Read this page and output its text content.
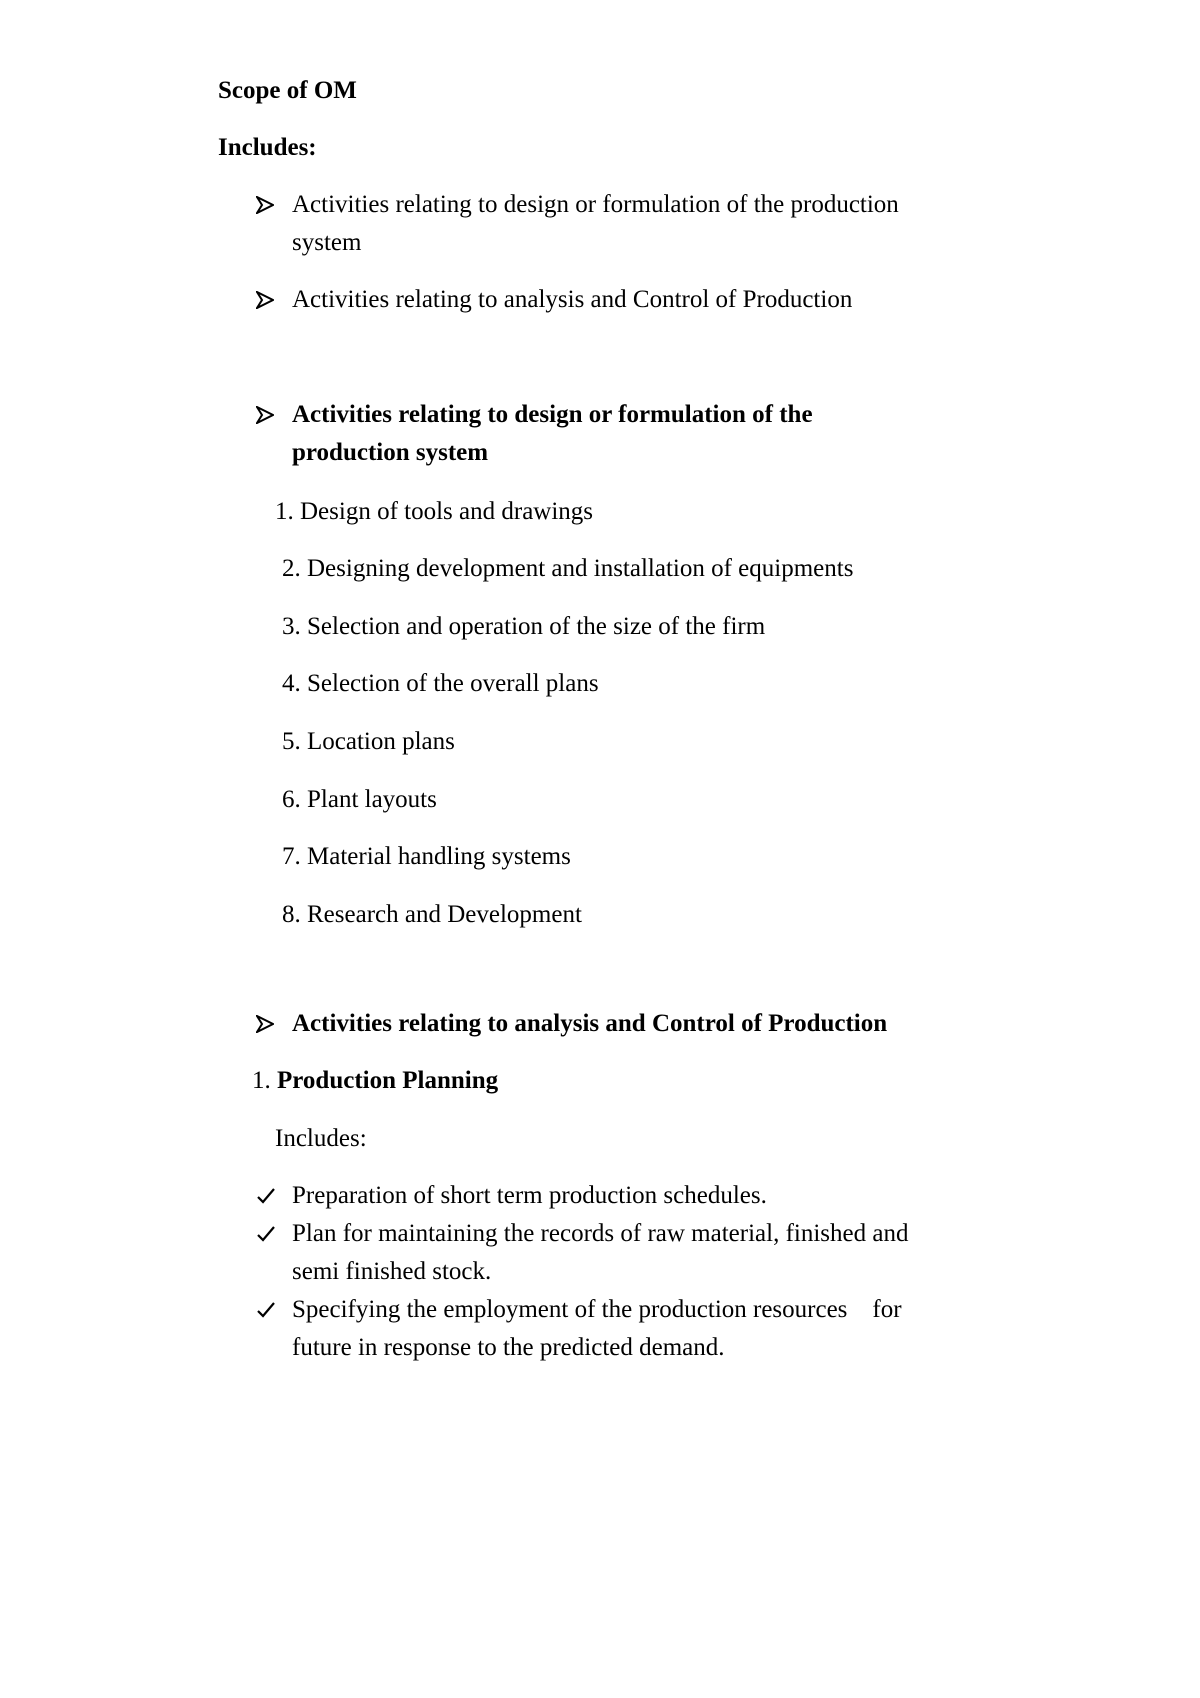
Scope of OM
Includes:
Activities relating to design or formulation of the production
system
Activities relating to analysis and Control of Production
Activities relating to design or formulation of the
production system
1. Design of tools and drawings
2. Designing development and installation of equipments
3. Selection and operation of the size of the firm
4. Selection of the overall plans
5. Location plans
6. Plant layouts
7. Material handling systems
8. Research and Development
Activities relating to analysis and Control of Production
1. Production Planning
Includes:
Preparation of short term production schedules.
Plan for maintaining the records of raw material, finished and
semi finished stock.
Specifying the employment of the production resources    for
future in response to the predicted demand.
